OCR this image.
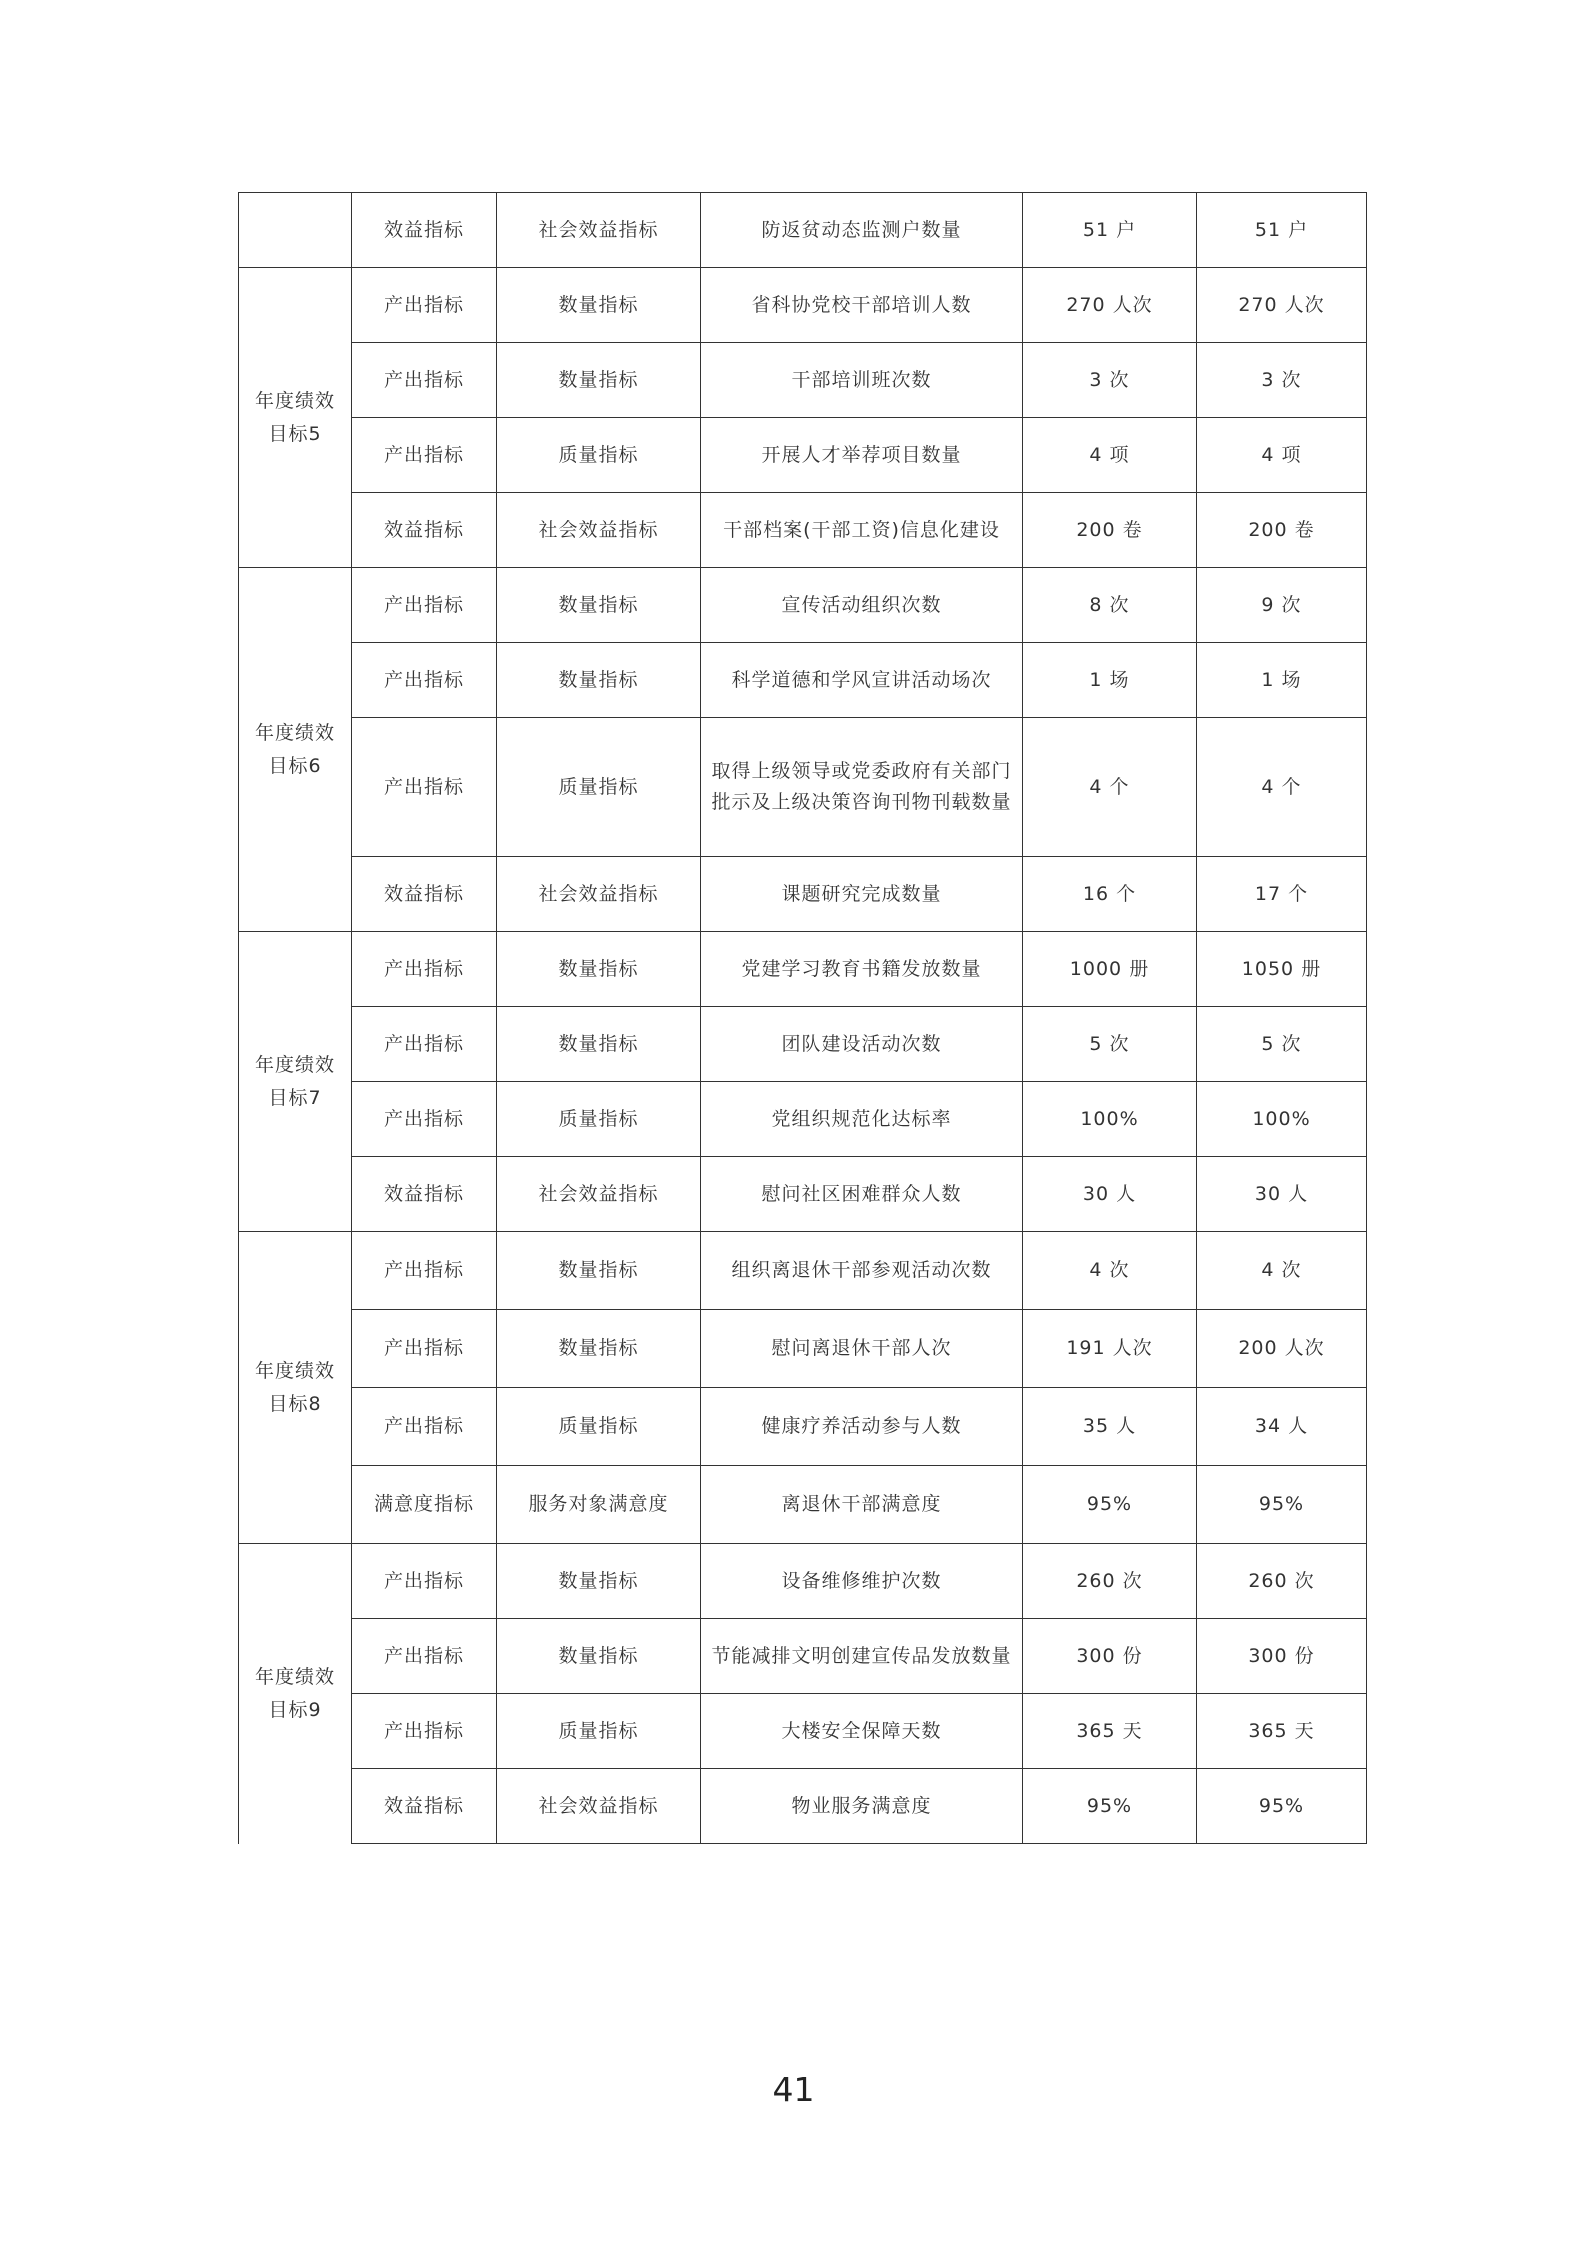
	效益指标	社会效益指标	防返贫动态监测户数量	51 户	51 户
年度绩效目标5	产出指标	数量指标	省科协党校干部培训人数	270 人次	270 人次
	产出指标	数量指标	干部培训班次数	3 次	3 次
	产出指标	质量指标	开展人才举荐项目数量	4 项	4 项
	效益指标	社会效益指标	干部档案(干部工资)信息化建设	200 卷	200 卷
年度绩效目标6	产出指标	数量指标	宣传活动组织次数	8 次	9 次
	产出指标	数量指标	科学道德和学风宣讲活动场次	1 场	1 场
	产出指标	质量指标	取得上级领导或党委政府有关部门批示及上级决策咨询刊物刊载数量	4 个	4 个
	效益指标	社会效益指标	课题研究完成数量	16 个	17 个
年度绩效目标7	产出指标	数量指标	党建学习教育书籍发放数量	1000 册	1050 册
	产出指标	数量指标	团队建设活动次数	5 次	5 次
	产出指标	质量指标	党组织规范化达标率	100%	100%
	效益指标	社会效益指标	慰问社区困难群众人数	30 人	30 人
年度绩效目标8	产出指标	数量指标	组织离退休干部参观活动次数	4 次	4 次
	产出指标	数量指标	慰问离退休干部人次	191 人次	200 人次
	产出指标	质量指标	健康疗养活动参与人数	35 人	34 人
	满意度指标	服务对象满意度	离退休干部满意度	95%	95%
年度绩效目标9	产出指标	数量指标	设备维修维护次数	260 次	260 次
	产出指标	数量指标	节能减排文明创建宣传品发放数量	300 份	300 份
	产出指标	质量指标	大楼安全保障天数	365 天	365 天
	效益指标	社会效益指标	物业服务满意度	95%	95%
41
